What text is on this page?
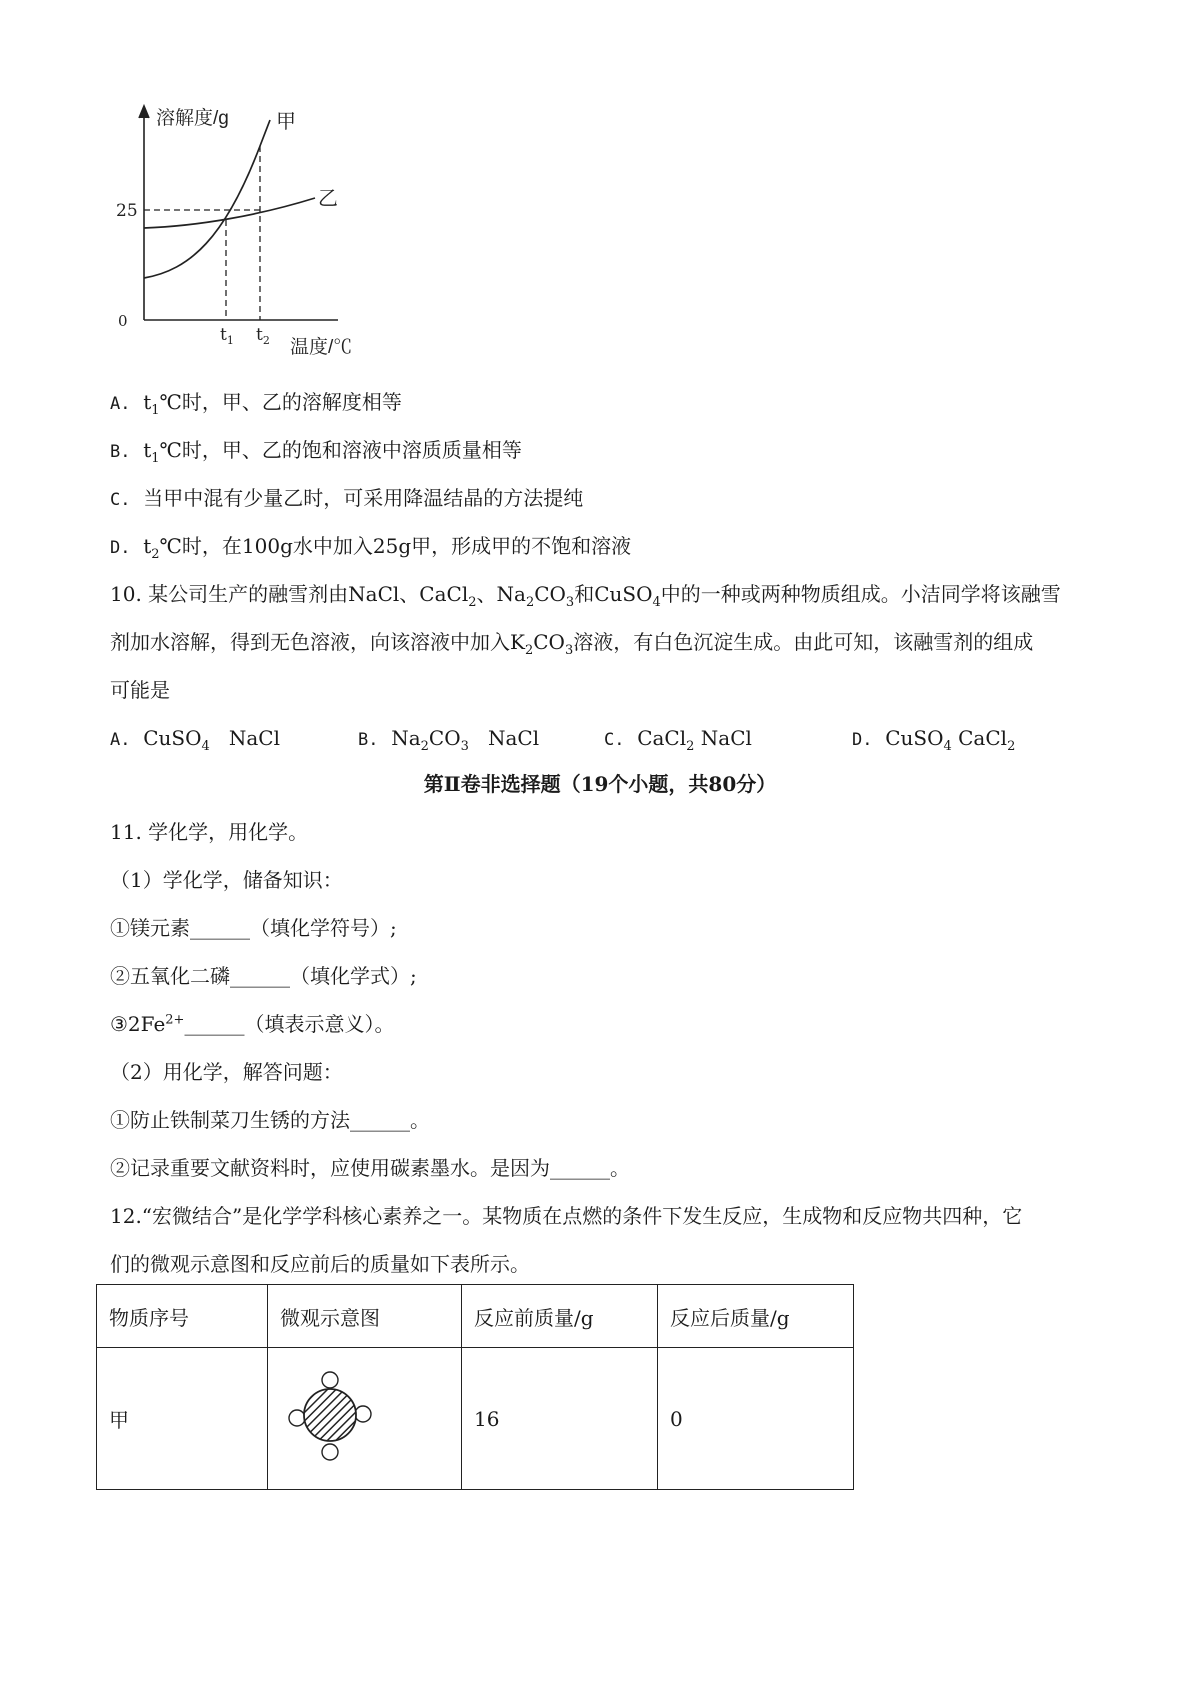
溶解度/g 甲
乙
25
0
$t_1$ $t_2$ 温度/℃
A. $t_1℃$时，甲、乙的溶解度相等
B. $t_1℃$时，甲、乙的饱和溶液中溶质质量相等
C. 当甲中混有少量乙时，可采用降温结晶的方法提纯
D. $t_2℃$时，在100g水中加入25g甲，形成甲的不饱和溶液
10. 某公司生产的融雪剂由NaCl、CaCl$_2$、$Na_2CO_3$和CuSO$_4$中的一种或两种物质组成。小洁同学将该融雪
剂加水溶解，得到无色溶液，向该溶液中加入$K_2CO_3$溶液，有白色沉淀生成。由此可知，该融雪剂的组成
可能是
A. CuSO$_4$   NaCl	B. $Na_2CO_3$   NaCl	C. CaCl$_2$ NaCl	D. CuSO$_4$ CaCl$_2$
第Ⅱ卷非选择题（19个小题，共80分）
11. 学化学，用化学。
（1）学化学，储备知识：
①镁元素______（填化学符号）;
②五氧化二磷______（填化学式）;
$③2Fe^{2+}\_\_\_\_\_\_$（填表示意义）。
（2）用化学，解答问题：
①防止铁制菜刀生锈的方法______。
②记录重要文献资料时，应使用碳素墨水。是因为______。
12.“宏微结合”是化学学科核心素养之一。某物质在点燃的条件下发生反应，生成物和反应物共四种，它
们的微观示意图和反应前后的质量如下表所示。
物质序号	微观示意图	反应前质量/g	反应后质量/g
甲		16	0
